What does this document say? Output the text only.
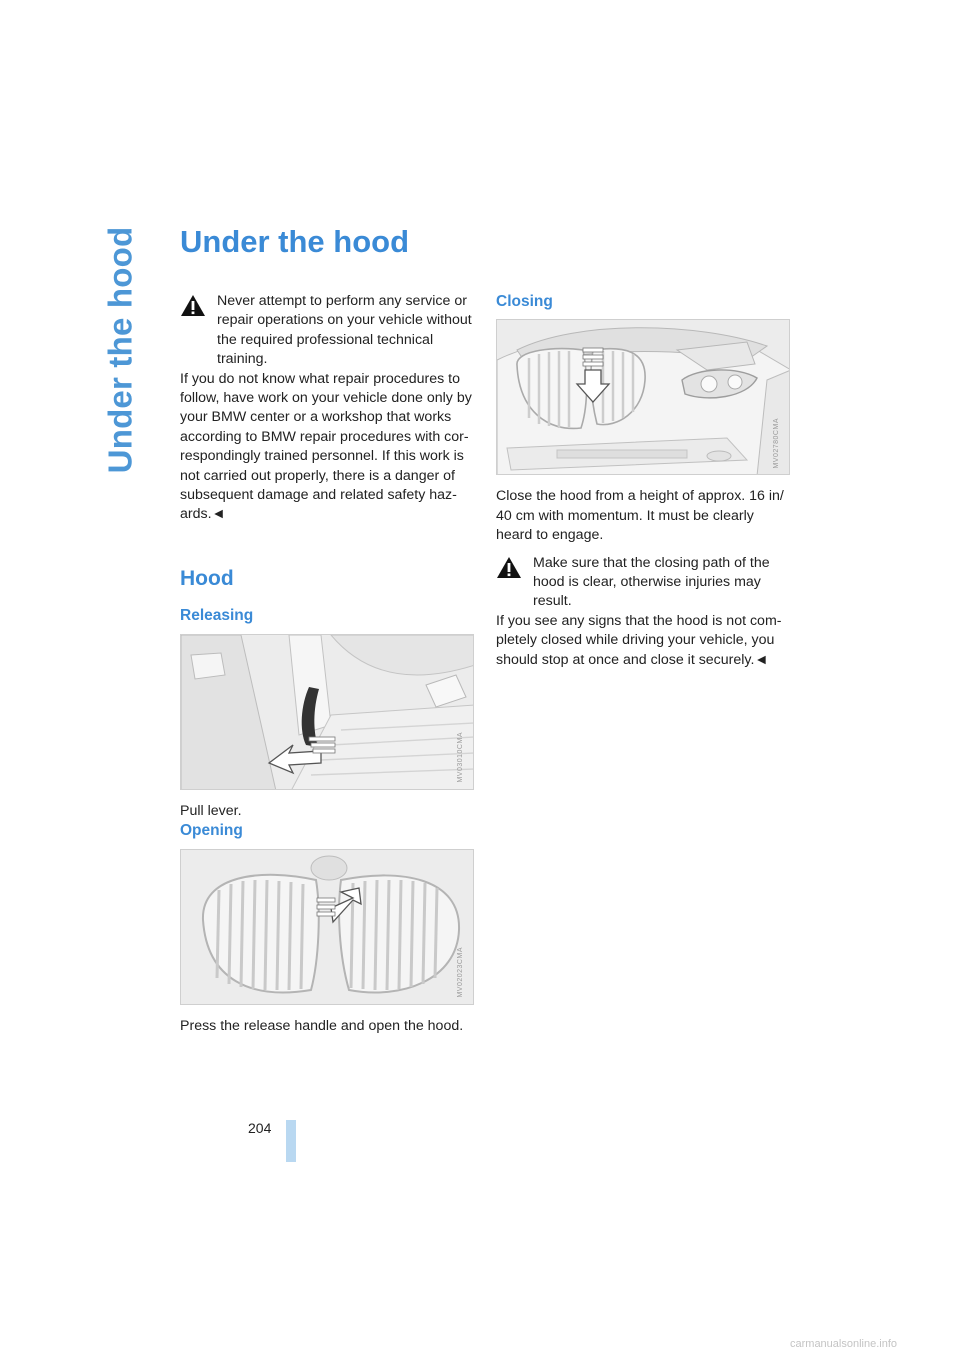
Under the hood Under the hood

Never attempt to perform any service or repair operations on your vehicle without the required professional technical training.

If you do not know what repair procedures to follow, have work on your vehicle done only by your BMW center or a workshop that works according to BMW repair procedures with cor-respondingly trained personnel. If this work is not carried out properly, there is a danger of subsequent damage and related safety haz-ards.◄

Hood
Releasing
MV03010CMA

Pull lever.

Opening
MV02023CMA

Press the release handle and open the hood.

Closing
MV02780CMA

Close the hood from a height of approx. 16 in/ 40 cm with momentum. It must be clearly heard to engage.

Make sure that the closing path of the hood is clear, otherwise injuries may result.

If you see any signs that the hood is not com-pletely closed while driving your vehicle, you should stop at once and close it securely.◄

204
carmanualsonline.info
